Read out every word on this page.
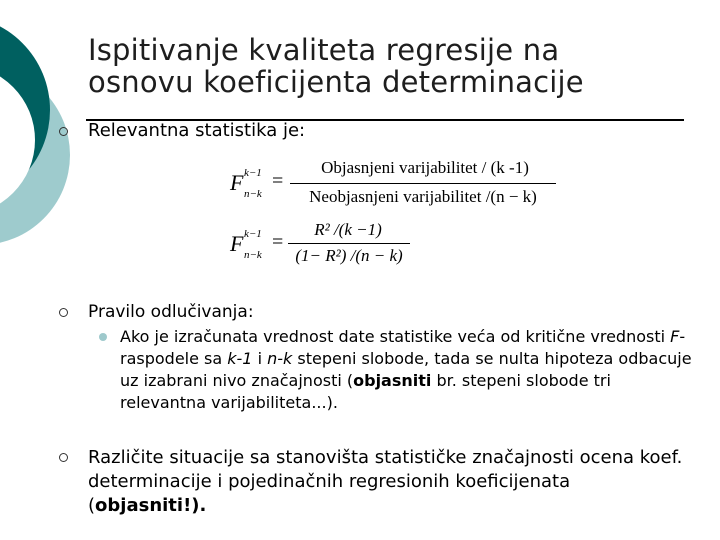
Ispitivanje kvaliteta regresije na
osnovu koeficijenta determinacije
Relevantna statistika je:
F k−1
n−k
=
Objasnjeni varijabilitet / (k -1)
Neobjasnjeni varijabilitet /(n − k)
F k−1
n−k
=
R² /(k −1)
(1− R²) /(n − k)
Pravilo odlučivanja:
Ako je izračunata vrednost date statistike veća od kritične vrednosti F-raspodele sa k-1 i n-k stepeni slobode, tada se nulta hipoteza odbacuje uz izabrani nivo značajnosti (objasniti br. stepeni slobode tri relevantna varijabiliteta...).
Različite situacije sa stanovišta statističke značajnosti ocena koef. determinacije i pojedinačnih regresionih koeficijenata (objasniti!).
